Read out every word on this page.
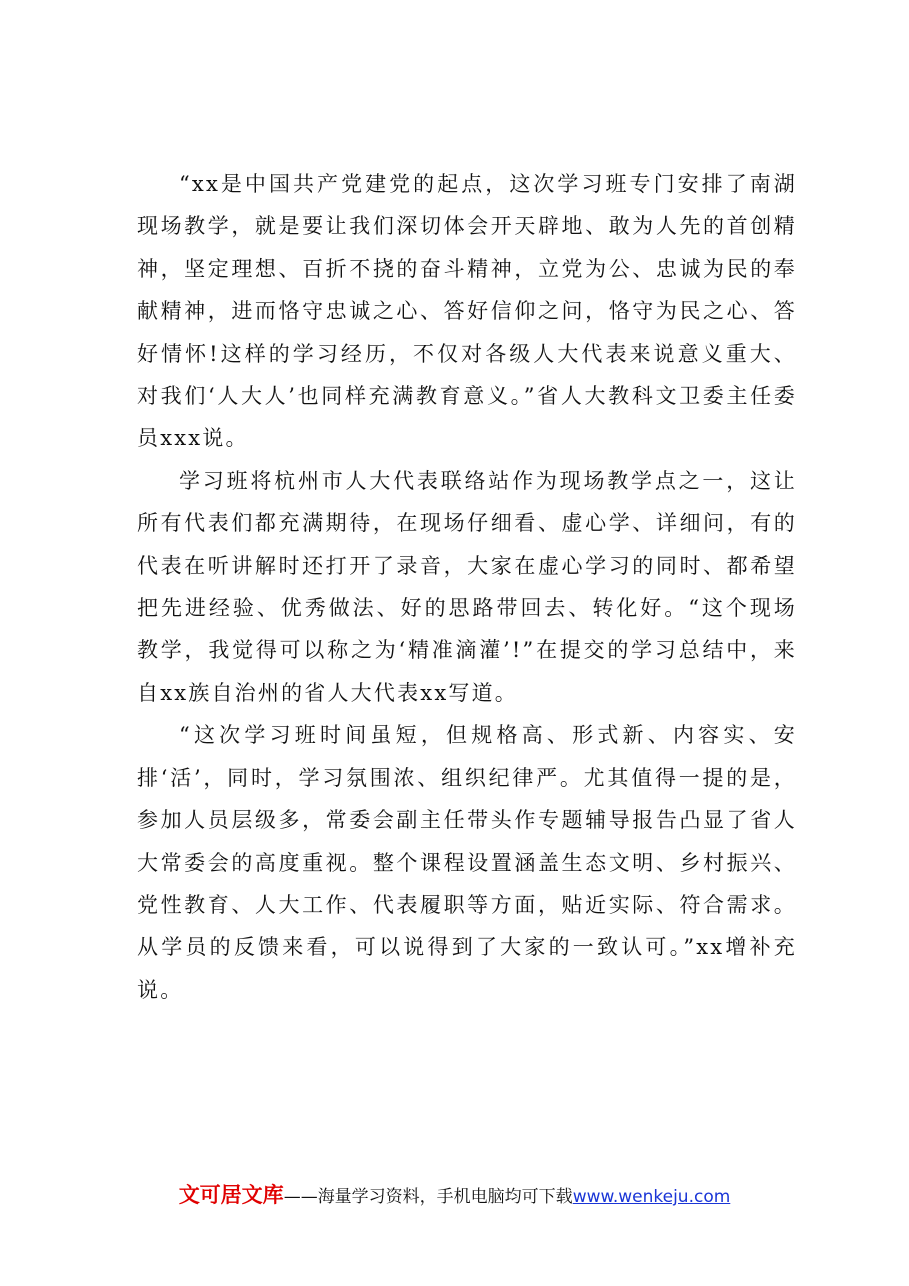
“xx是中国共产党建党的起点，这次学习班专门安排了南湖现场教学，就是要让我们深切体会开天辟地、敢为人先的首创精神，坚定理想、百折不挠的奋斗精神，立党为公、忠诚为民的奉献精神，进而恪守忠诚之心、答好信仰之问，恪守为民之心、答好情怀!这样的学习经历，不仅对各级人大代表来说意义重大、对我们‘人大人’也同样充满教育意义。”省人大教科文卫委主任委员xxx说。

学习班将杭州市人大代表联络站作为现场教学点之一，这让所有代表们都充满期待，在现场仔细看、虚心学、详细问，有的代表在听讲解时还打开了录音，大家在虚心学习的同时、都希望把先进经验、优秀做法、好的思路带回去、转化好。“这个现场教学，我觉得可以称之为‘精准滴灌’!”在提交的学习总结中，来自xx族自治州的省人大代表xx写道。

“这次学习班时间虽短，但规格高、形式新、内容实、安排‘活’，同时，学习氛围浓、组织纪律严。尤其值得一提的是，参加人员层级多，常委会副主任带头作专题辅导报告凸显了省人大常委会的高度重视。整个课程设置涵盖生态文明、乡村振兴、党性教育、人大工作、代表履职等方面，贴近实际、符合需求。从学员的反馈来看，可以说得到了大家的一致认可。”xx增补充说。

文可居文库——海量学习资料，手机电脑均可下载www.wenkeju.com
